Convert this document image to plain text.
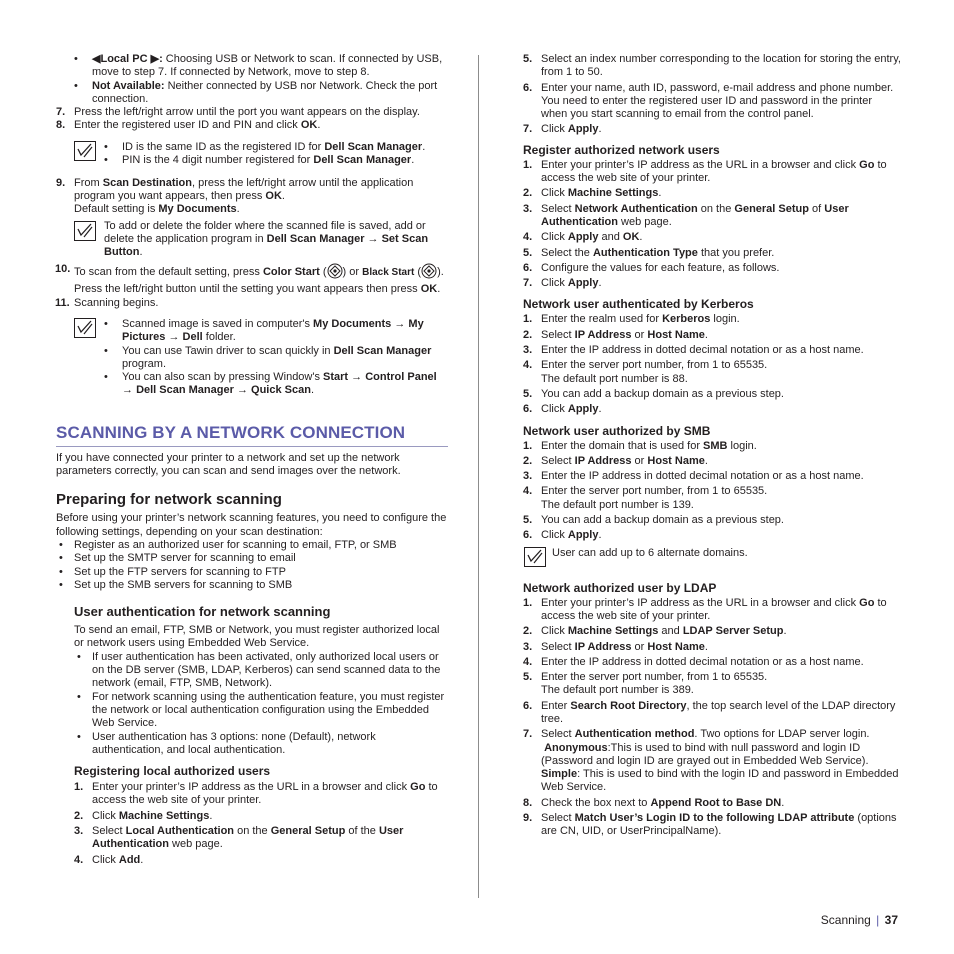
• ◀Local PC ▶: Choosing USB or Network to scan. If connected by USB, move to step 7. If connected by Network, move to step 8.

• Not Available: Neither connected by USB nor Network. Check the port connection.

7. Press the left/right arrow until the port you want appears on the display.

8. Enter the registered user ID and PIN and click OK.

• ID is the same ID as the registered ID for Dell Scan Manager.

• PIN is the 4 digit number registered for Dell Scan Manager.

9. From Scan Destination, press the left/right arrow until the application program you want appears, then press OK.

Default setting is My Documents.

To add or delete the folder where the scanned file is saved, add or delete the application program in Dell Scan Manager → Set Scan Button.

10. To scan from the default setting, press Color Start ( ) or Black Start ( ). Press the left/right button until the setting you want appears then press OK.

11. Scanning begins.

• Scanned image is saved in computer's My Documents → My Pictures → Dell folder.

• You can use Tawin driver to scan quickly in Dell Scan Manager program.

• You can also scan by pressing Window's Start → Control Panel → Dell Scan Manager → Quick Scan.

SCANNING BY A NETWORK CONNECTION

If you have connected your printer to a network and set up the network parameters correctly, you can scan and send images over the network.

Preparing for network scanning

Before using your printer’s network scanning features, you need to configure the following settings, depending on your scan destination:

• Register as an authorized user for scanning to email, FTP, or SMB

• Set up the SMTP server for scanning to email

• Set up the FTP servers for scanning to FTP

• Set up the SMB servers for scanning to SMB

User authentication for network scanning

To send an email, FTP, SMB or Network, you must register authorized local or network users using Embedded Web Service.

• If user authentication has been activated, only authorized local users or on the DB server (SMB, LDAP, Kerberos) can send scanned data to the network (email, FTP, SMB, Network).

• For network scanning using the authentication feature, you must register the network or local authentication configuration using the Embedded Web Service.

• User authentication has 3 options: none (Default), network authentication, and local authentication.

Registering local authorized users
1. Enter your printer’s IP address as the URL in a browser and click Go to access the web site of your printer.

2. Click Machine Settings.

3. Select Local Authentication on the General Setup of the User Authentication web page.

4. Click Add.

5. Select an index number corresponding to the location for storing the entry, from 1 to 50.

6. Enter your name, auth ID, password, e-mail address and phone number.

You need to enter the registered user ID and password in the printer when you start scanning to email from the control panel.

7. Click Apply.

Register authorized network users
1. Enter your printer’s IP address as the URL in a browser and click Go to access the web site of your printer.

2. Click Machine Settings.

3. Select Network Authentication on the General Setup of User Authentication web page.

4. Click Apply and OK.

5. Select the Authentication Type that you prefer.

6. Configure the values for each feature, as follows.

7. Click Apply.

Network user authenticated by Kerberos
1. Enter the realm used for Kerberos login.

2. Select IP Address or Host Name.

3. Enter the IP address in dotted decimal notation or as a host name.

4. Enter the server port number, from 1 to 65535.

The default port number is 88.

5. You can add a backup domain as a previous step.

6. Click Apply.

Network user authorized by SMB
1. Enter the domain that is used for SMB login.

2. Select IP Address or Host Name.

3. Enter the IP address in dotted decimal notation or as a host name.

4. Enter the server port number, from 1 to 65535.

The default port number is 139.

5. You can add a backup domain as a previous step.

6. Click Apply.

User can add up to 6 alternate domains.

Network authorized user by LDAP
1. Enter your printer’s IP address as the URL in a browser and click Go to access the web site of your printer.

2. Click Machine Settings and LDAP Server Setup.

3. Select IP Address or Host Name.

4. Enter the IP address in dotted decimal notation or as a host name.

5. Enter the server port number, from 1 to 65535.

The default port number is 389.

6. Enter Search Root Directory, the top search level of the LDAP directory tree.

7. Select Authentication method. Two options for LDAP server login.

Anonymous:This is used to bind with null password and login ID (Password and login ID are grayed out in Embedded Web Service).

Simple: This is used to bind with the login ID and password in Embedded Web Service.

8. Check the box next to Append Root to Base DN.

9. Select Match User’s Login ID to the following LDAP attribute (options are CN, UID, or UserPrincipalName).

Scanning | 37
